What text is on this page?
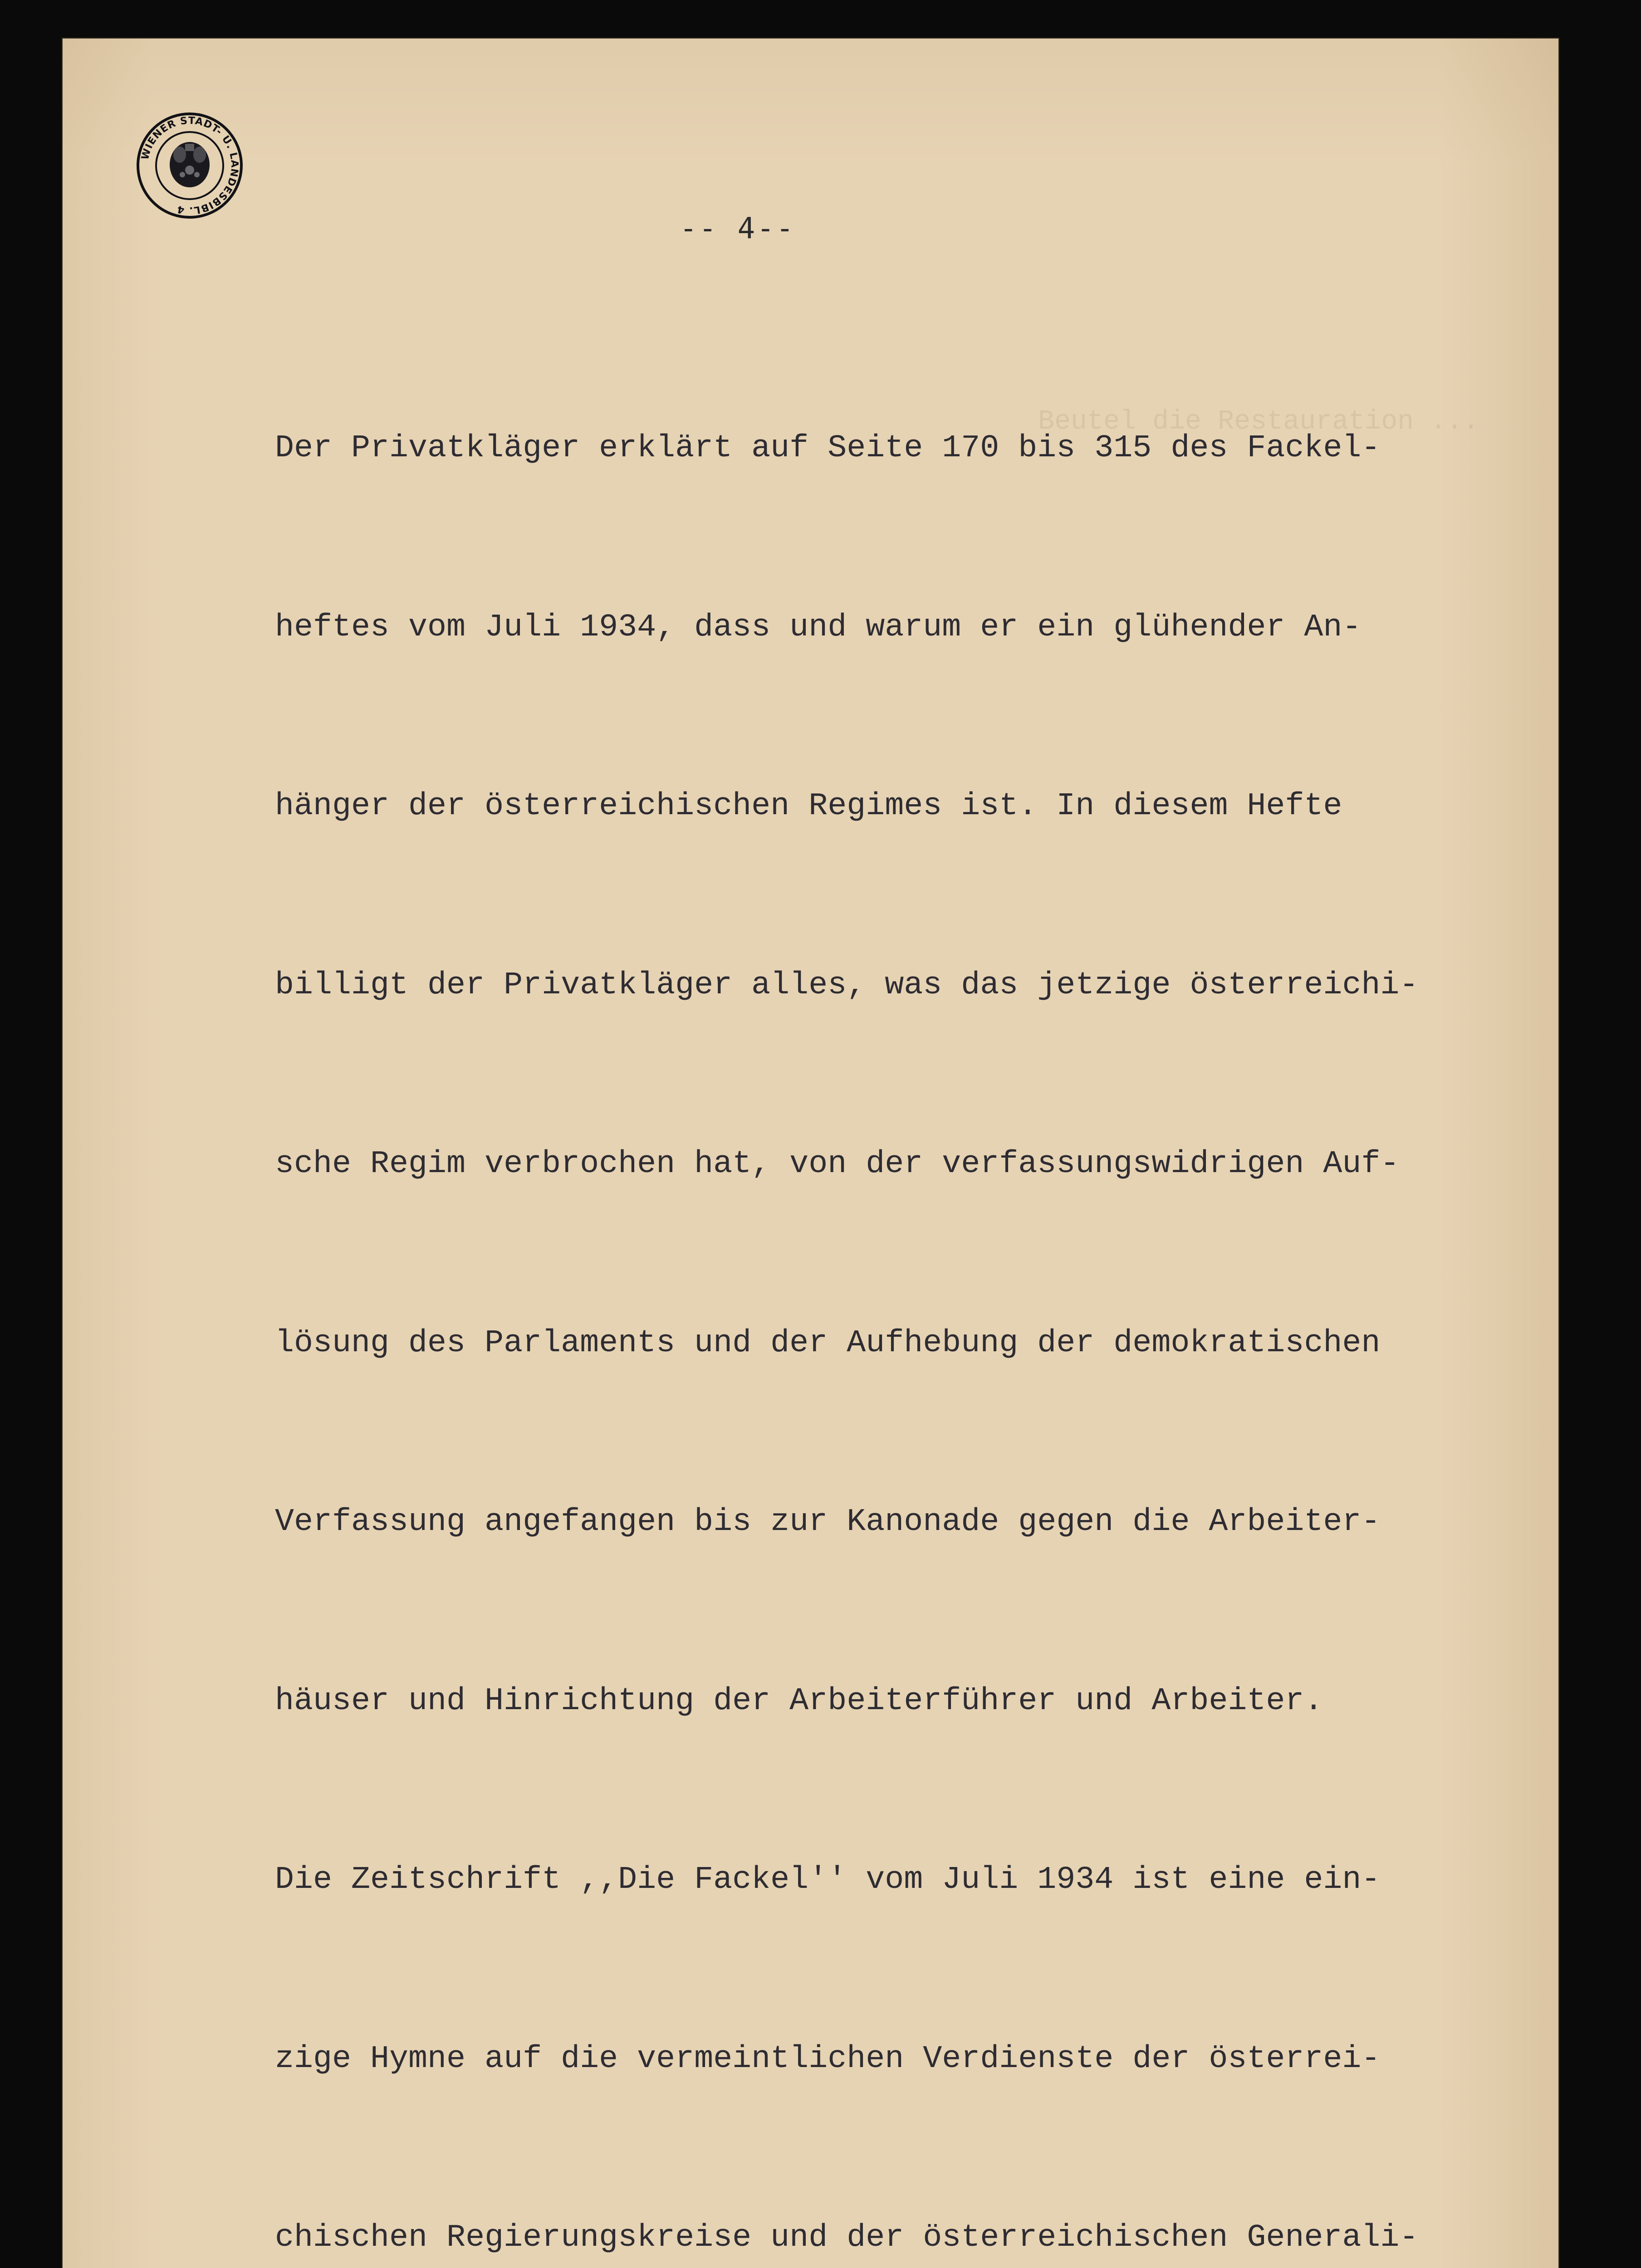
WIENER STADT- U. LANDESBIBL. 4
-- 4--

Der Privatkläger erklärt auf Seite 170 bis 315 des Fackel-

heftes vom Juli 1934, dass und warum er ein glühender An-

hänger der österreichischen Regimes ist. In diesem Hefte

billigt der Privatkläger alles, was das jetzige österreichi-

sche Regim verbrochen hat, von der verfassungswidrigen Auf-

lösung des Parlaments und der Aufhebung der demokratischen

Verfassung angefangen bis zur Kanonade gegen die Arbeiter-

häuser und Hinrichtung der Arbeiterführer und Arbeiter.

Die Zeitschrift ,,Die Fackel'' vom Juli 1934 ist eine ein-

zige Hymne auf die vermeintlichen Verdienste der österrei-

chischen Regierungskreise und der österreichischen Generali-

Beutel die Restauration ...
